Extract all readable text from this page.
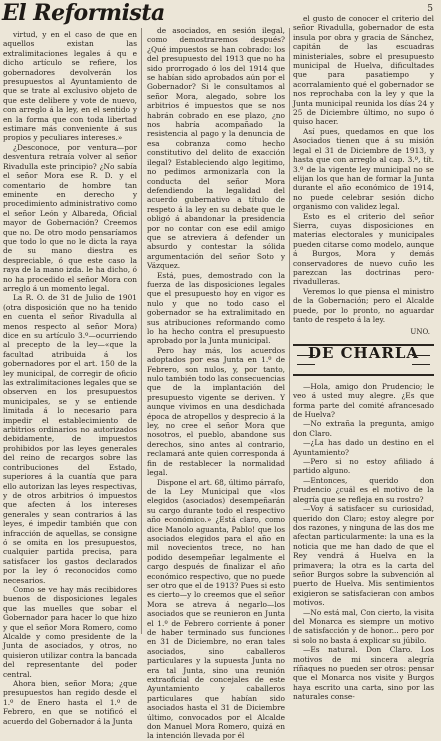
El Reformista	5

virtud, y en el caso de que en aquellos existan las extralimitaciones legales á qu e dicho artículo se refiere, los gobernadores devolverán los presupuestos al Ayuntamiento de que se trate al exclusivo objeto de que este delibere y vote de nuevo, con arreglo á la ley, en el sentido y en la forma que con toda libertad estimare más conveniente á sus propios y peculiares intereses.»

¿Desconoce, por ventura—por desventura retraía volver al señor Rivadulla este principio? ¿No sabía el señor Mora ese R. D. y el comentario de hombre tan eminente en derecho y procedimiento administrativo como el señor León y Albareda, Oficial mayor de Gobernación? Creemos que no. De otro modo pensaríamos que todo lo que no le dicta la raya de su mano diestra es despreciable, ó que este caso la raya de la mano izda. le ha dicho, ó no ha procedido el señor Mora con arreglo á un momento legal.

La R. O. de 31 de Julio de 1901 (otra disposición que no ha tenido en cuenta el señor Rivadulla al menos respecto al señor Mora) dice en su artículo 3.º—ocurriendo al precepto de la ley—«que la facultad atribuida á los gobernadores por el art. 150 de la ley municipal, de corregir de oficio las extralimitaciones legales que se observen en los presupuestos municipales, se y se entiende limitada á lo necesario para impedir el establecimiento de arbitrios ordinarios no autorizados debidamente, de impuestos prohibidos por las leyes generales del reino de recargos sobre las contribuciones del Estado, superiores á la cuantía que para ello autorizan las leyes respectivas, y de otros arbitrios ó impuestos que afecten á los intereses generales y sean contrarios á las leyes, é impedir también que con infracción de aquellas, se consigne ó se omita en los presupuestos, cualquier partida precisa, para satisfacer los gastos declarados por la ley ó reconocidos como necesarios.

Como se ve hay más recibidores buenos de disposiciones legales que las muelles que sobar el Gobernador para hacer lo que hizo y que el señor Mora Romero, como Alcalde y como presidente de la Junta de asociados, y otros, no quisieron utilizar contra la bancada del representante del poder central.

Ahora bien, señor Mora; ¿que presupuestos han regido desde el 1.º de Enero hasta el 1.º de Febrero, en que se notificó el acuerdo del Gobernador á la Junta

de asociados, en sesión ilegal, como demostraremos después? ¿Qué impuestos se han cobrado: los del presupuesto del 1913 que no ha sido prorrogado ó los del 1914 que se habían sido aprobados aún por el Gobernador? Si le consultamos al señor Mora, alegado, sobre los arbitrios é impuestos que se nos habrán cobrado en ese plazo, ¿no nos habría acompañado la resistencia al pago y la denuncia de esa cobranza como hecho constitutivo del delito de exacción ilegal? Estableciendo algo legitimo, no pedimos armonizarla con la conducta del señor Mora defendiendo la legalidad del acuerdo gubernativo a título de respeto á la ley en su debate que le obligó á abandonar la presidencia por no contar con ese edil amigo que se atreviera á defender un absurdo y contestar la sólida argumentación del señor Soto y Vázquez.

Está, pues, demostrado con la fuerza de las disposiciones legales que el presupuesto hoy en vigor es nulo y que no todo caso el gobernador se ha extralimitado en sus atribuciones reformando como lo ha hecho contra el presupuesto aprobado por la Junta municipal.

Pero hay más, los acuerdos adoptados por esa Junta en 1.º de Febrero, son nulos, y, por tanto, nulo también todo las consecuencias que de la implantación del presupuesto vigente se deriven. Y aunque vivimos en una desdichada época de atropellos y desprecio á la ley, no cree el señor Mora que nosotros, el pueblo, abandone sus derechos, sino antes al contrario, reclamará ante quien corresponda á fin de restablecer la normalidad legal.

Dispone el art. 68, último párrafo, de la Ley Municipal que «los elegidos (asociados) desempeñarán su cargo durante todo el respectivo año económico.» ¿Está claro, como dice Manolo aguanta, Pablo! que los asociados elegidos para el año en mil novecientos trece, no han podido desempeñar legalmente el cargo después de finalizar el año económico respectivo, que no puede ser otro que el de 1913? Pues si esto es cierto—y lo creemos que el señor Mora se atreva á negarlo—los asociados que se reunieron en Junta el 1.º de Febrero corriente á poner de haber terminado sus funciones en 31 de Diciembre, no eran tales asociados, sino caballeros particulares y la supuesta Junta no era tal Junta, sino una reunión extraoficial de concejales de este Ayuntamiento y caballeros particulares que habían sido asociados hasta el 31 de Diciembre último, convocados por el Alcalde don Manuel Mora Romero, quizá en la intención llevada por él

el gusto de conocer el criterio del señor Rivadulla, gobernador de esta insula por obra y gracia de Sánchez, capitán de las escuadras ministeriales, sobre el presupuesto municipal de Huelva, dificultades que para pasatiempo y acorralamiento qué el gobernador se nos reprochaba con la ley y que la Junta municipal reunida los días 24 y 25 de Diciembre último, no supo ó quiso hacer.

Así pues, quedamos en que los Asociados tienen que á su misión legal el 31 de Diciembre de 1913, y hasta que con arreglo al cap. 3.º, tít. 3.º de la vigente ley municipal no se elijan los que han de formar la Junta durante el año económico de 1914, no puede celebrar sesión dicho organismo con validez legal.

Esto es el criterio del señor Sierra, cuyas disposiciones en materias electorales y municipales pueden citarse como modelo, aunque á Burgos, Mora y demás conservadores de nuevo cuño les parezcan las doctrinas pero-rivadulleras.

Veremos lo que piensa el ministro de la Gobernación; pero el Alcalde puede, por lo pronto, no aguardar tanto de respeto á la ley.

UNO.
DE CHARLA

—Hola, amigo don Prudencio; le veo á usted muy alegre. ¿Es que forma parte del comité afrancesado de Huelva?

—No extraña la pregunta, amigo don Claro.

—¿La has dado un destino en el Ayuntamiento?

—Pero si no estoy afiliado á partido alguno.

—Entonces, querido don Prudencio ¿cuál es el motivo de la alegría que se refleja en su rostro?

—Voy á satisfacer su curiosidad, querido don Claro; estoy alegre por dos razones, y ninguna de las dos me afectan particularmente: la una es la noticia que me han dado de que el Rey vendrá á Huelva en la primavera; la otra es la carta del señor Burgos sobre la subvención al puerto de Huelva. Mis sentimientos exigieron se satisfacieran con ambos motivos.

—No está mal, Con cierto, la visita del Monarca es siempre un motivo de satisfacción y de honor... pero por si solo no basta á explicar su júbilo.

—Es natural. Don Claro. Los motivos de mi sincera alegría ríñaques no pueden ser otros: pensar que el Monarca nos visite y Burgos haya escrito una carta, sino por las naturales conse-
